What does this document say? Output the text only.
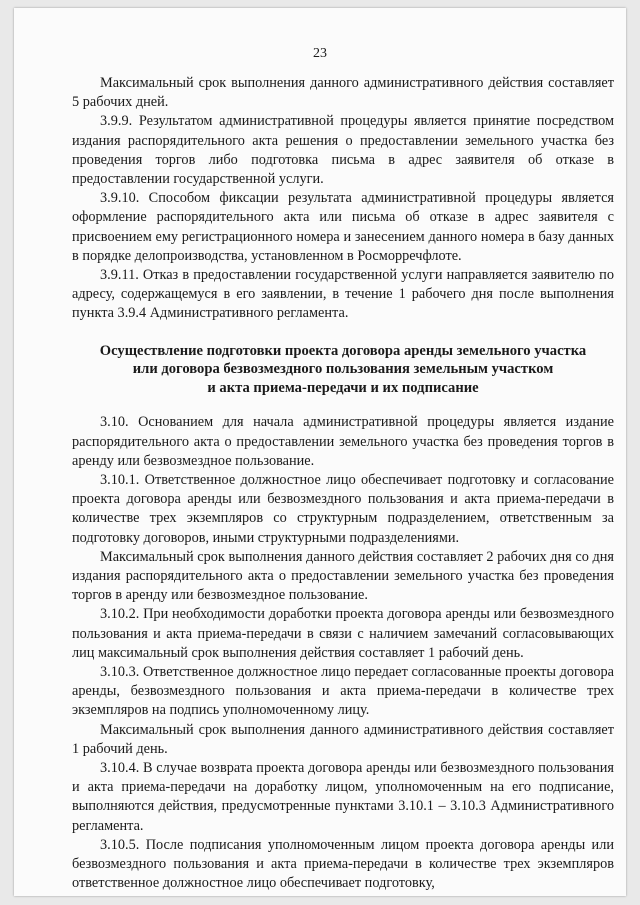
23

Максимальный срок выполнения данного административного действия составляет 5 рабочих дней.

3.9.9. Результатом административной процедуры является принятие посредством издания распорядительного акта решения о предоставлении земельного участка без проведения торгов либо подготовка письма в адрес заявителя об отказе в предоставлении государственной услуги.

3.9.10. Способом фиксации результата административной процедуры является оформление распорядительного акта или письма об отказе в адрес заявителя с присвоением ему регистрационного номера и занесением данного номера в базу данных в порядке делопроизводства, установленном в Росморречфлоте.

3.9.11. Отказ в предоставлении государственной услуги направляется заявителю по адресу, содержащемуся в его заявлении, в течение 1 рабочего дня после выполнения пункта 3.9.4 Административного регламента.

Осуществление подготовки проекта договора аренды земельного участка
или договора безвозмездного пользования земельным участком
и акта приема-передачи и их подписание

3.10. Основанием для начала административной процедуры является издание распорядительного акта о предоставлении земельного участка без проведения торгов в аренду или безвозмездное пользование.

3.10.1. Ответственное должностное лицо обеспечивает подготовку и согласование проекта договора аренды или безвозмездного пользования и акта приема-передачи в количестве трех экземпляров со структурным подразделением, ответственным за подготовку договоров, иными структурными подразделениями.

Максимальный срок выполнения данного действия составляет 2 рабочих дня со дня издания распорядительного акта о предоставлении земельного участка без проведения торгов в аренду или безвозмездное пользование.

3.10.2. При необходимости доработки проекта договора аренды или безвозмездного пользования и акта приема-передачи в связи с наличием замечаний согласовывающих лиц максимальный срок выполнения действия составляет 1 рабочий день.

3.10.3. Ответственное должностное лицо передает согласованные проекты договора аренды, безвозмездного пользования и акта приема-передачи в количестве трех экземпляров на подпись уполномоченному лицу.

Максимальный срок выполнения данного административного действия составляет 1 рабочий день.

3.10.4. В случае возврата проекта договора аренды или безвозмездного пользования и акта приема-передачи на доработку лицом, уполномоченным на его подписание, выполняются действия, предусмотренные пунктами 3.10.1 – 3.10.3 Административного регламента.

3.10.5. После подписания уполномоченным лицом проекта договора аренды или безвозмездного пользования и акта приема-передачи в количестве трех экземпляров ответственное должностное лицо обеспечивает подготовку,
